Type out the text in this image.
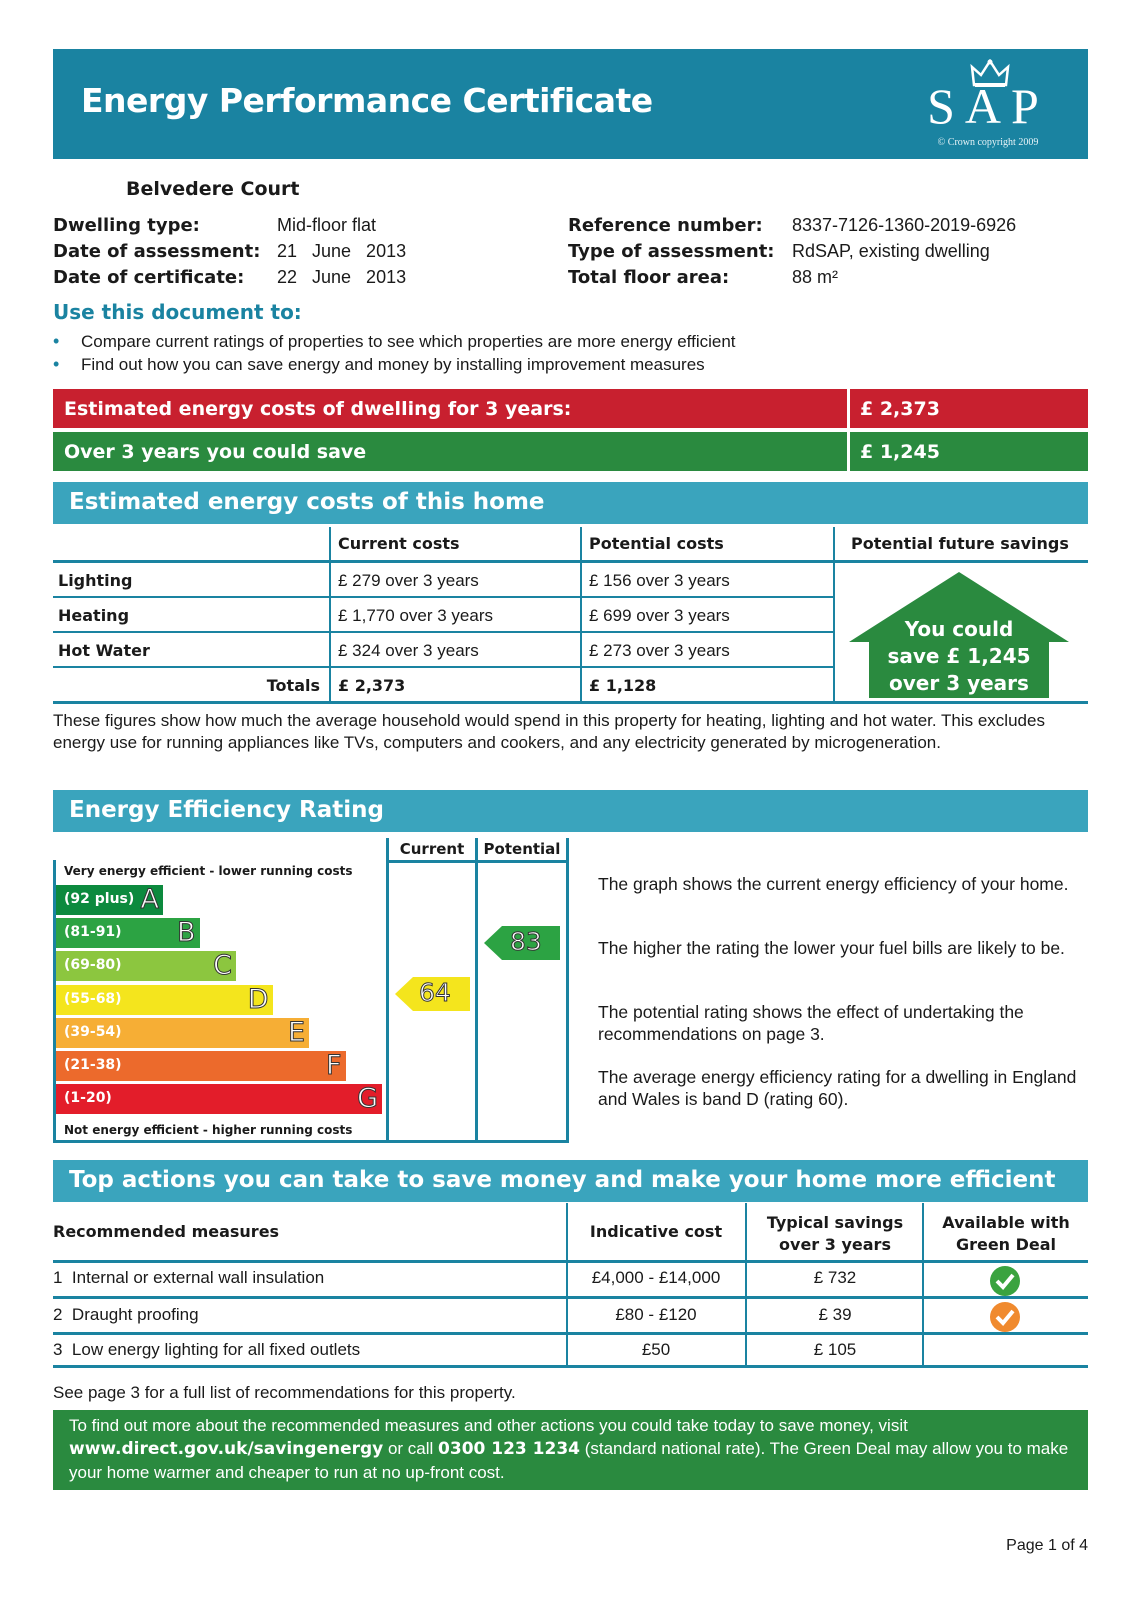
Energy Performance Certificate	SAP
© Crown copyright 2009
Belvedere Court
Dwelling type:	Mid-floor flat
Date of assessment: 21   June   2013
Date of certificate: 22   June   2013
Reference number: 8337-7126-1360-2019-6926
Type of assessment: RdSAP, existing dwelling
Total floor area:	88 m²
Use this document to:
• Compare current ratings of properties to see which properties are more energy efficient
• Find out how you can save energy and money by installing improvement measures
Estimated energy costs of dwelling for 3 years:	£ 2,373
Over 3 years you could save	£ 1,245
Estimated energy costs of this home
Current costs	Potential costs	Potential future savings
Lighting	£ 279 over 3 years	£ 156 over 3 years
Heating	£ 1,770 over 3 years	£ 699 over 3 years
Hot Water	£ 324 over 3 years	£ 273 over 3 years
Totals £ 2,373	£ 1,128
You could
save £ 1,245
over 3 years
These figures show how much the average household would spend in this property for heating, lighting and hot water. This excludes energy use for running appliances like TVs, computers and cookers, and any electricity generated by microgeneration.
Energy Efficiency Rating
Very energy efficient - lower running costs
(92 plus) A
(81-91) B
(69-80)	C
(55-68)	D
(39-54)	E
(21-38)	F
(1-20)	G
Not energy efficient - higher running costs
Current	Potential
64
83
The graph shows the current energy efficiency of your home.
The higher the rating the lower your fuel bills are likely to be.
The potential rating shows the effect of undertaking the recommendations on page 3.
The average energy efficiency rating for a dwelling in England and Wales is band D (rating 60).
Top actions you can take to save money and make your home more efficient
Recommended measures	Indicative cost	Typical savings
over 3 years
Available with
Green Deal
1 Internal or external wall insulation	£4,000 - £14,000	£ 732
2 Draught proofing	£80 - £120	£ 39
3 Low energy lighting for all fixed outlets	£50	£ 105
See page 3 for a full list of recommendations for this property.
To find out more about the recommended measures and other actions you could take today to save money, visit www.direct.gov.uk/savingenergy or call 0300 123 1234 (standard national rate). The Green Deal may allow you to make your home warmer and cheaper to run at no up-front cost.
Page 1 of 4
